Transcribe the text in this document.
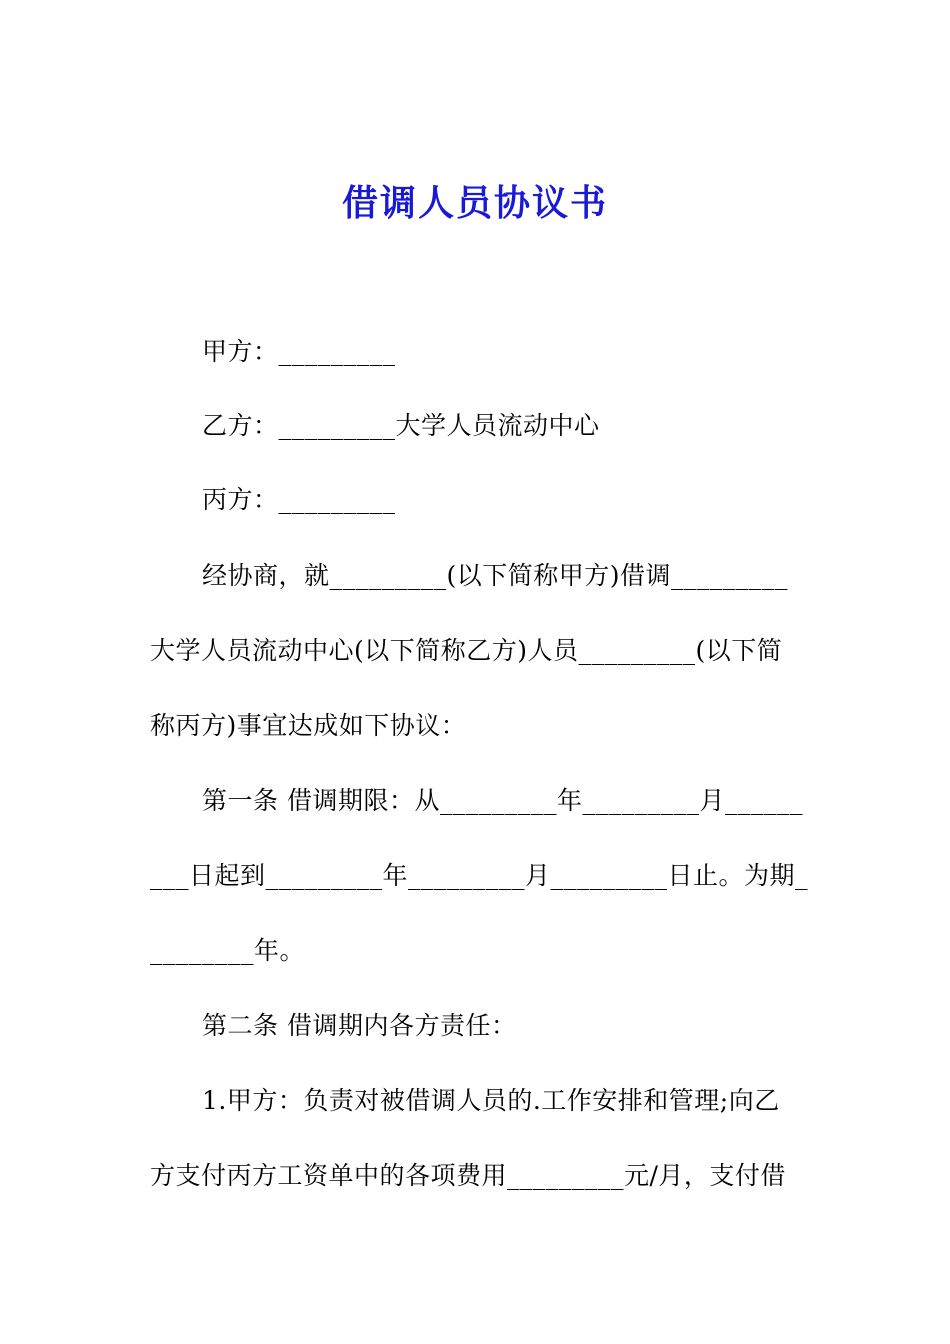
借调人员协议书
甲方：_________
乙方：_________大学人员流动中心
丙方：_________
经协商，就_________(以下简称甲方)借调_________
大学人员流动中心(以下简称乙方)人员_________(以下简
称丙方)事宜达成如下协议：
第一条 借调期限：从_________年_________月______
___日起到_________年_________月_________日止。为期_
________年。
第二条 借调期内各方责任：
1.甲方：负责对被借调人员的.工作安排和管理;向乙
方支付丙方工资单中的各项费用_________元/月，支付借
